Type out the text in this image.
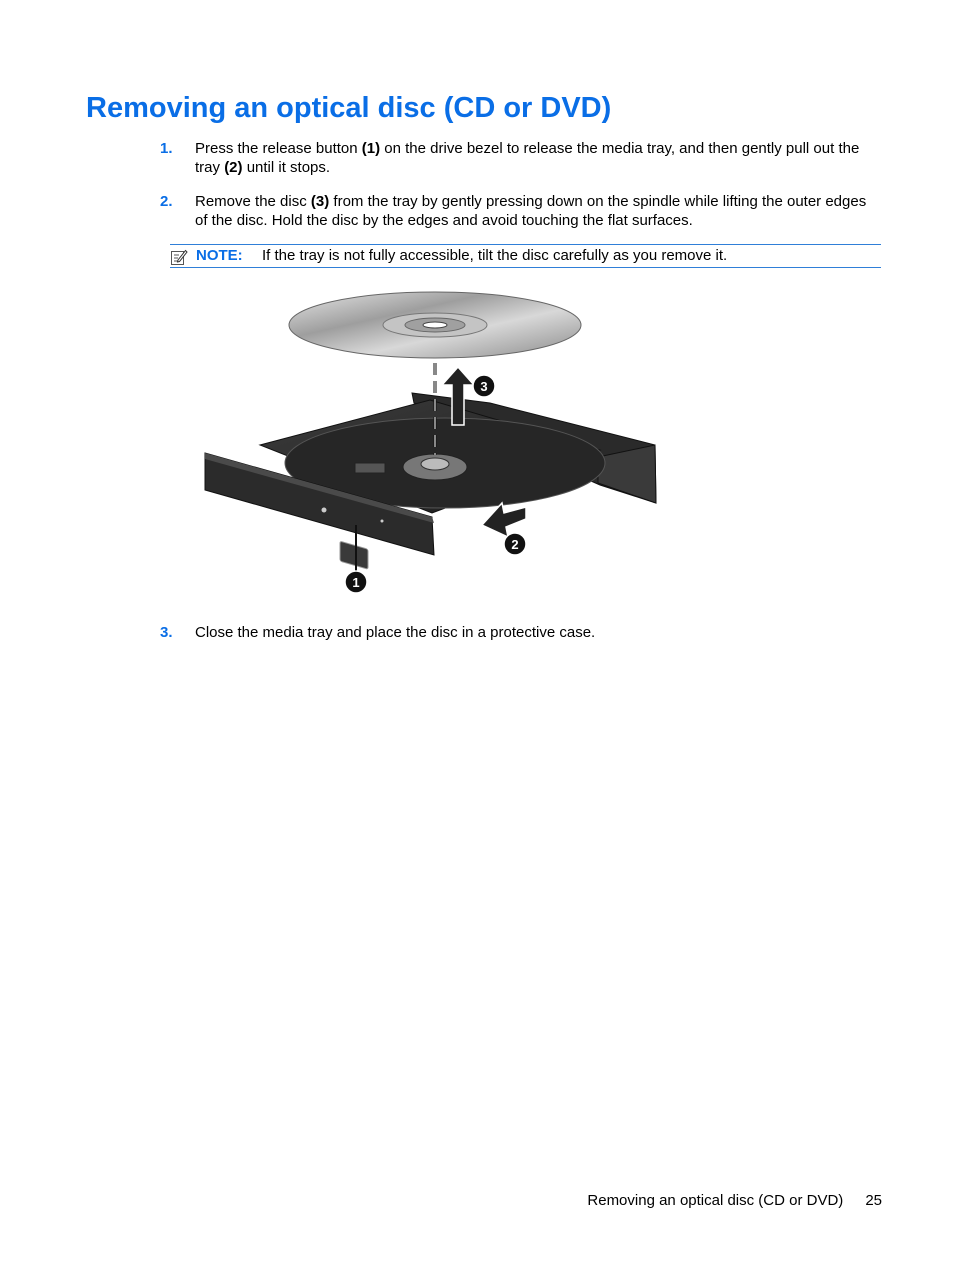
Removing an optical disc (CD or DVD)
1.	Press the release button (1) on the drive bezel to release the media tray, and then gently pull out the tray (2) until it stops.
2.	Remove the disc (3) from the tray by gently pressing down on the spindle while lifting the outer edges of the disc. Hold the disc by the edges and avoid touching the flat surfaces.
NOTE: If the tray is not fully accessible, tilt the disc carefully as you remove it.
3
2
1
3.	Close the media tray and place the disc in a protective case.
Removing an optical disc (CD or DVD) 25
